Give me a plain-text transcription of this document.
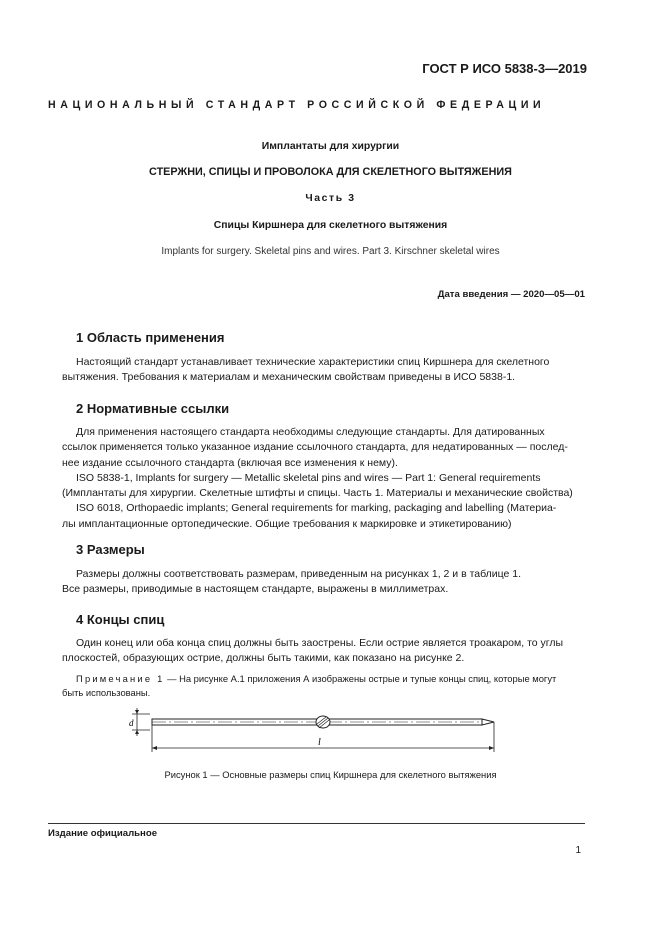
ГОСТ Р ИСО 5838-3—2019
НАЦИОНАЛЬНЫЙ СТАНДАРТ РОССИЙСКОЙ ФЕДЕРАЦИИ
Имплантаты для хирургии
СТЕРЖНИ, СПИЦЫ И ПРОВОЛОКА ДЛЯ СКЕЛЕТНОГО ВЫТЯЖЕНИЯ
Часть 3
Спицы Киршнера для скелетного вытяжения
Implants for surgery. Skeletal pins and wires. Part 3. Kirschner skeletal wires
Дата введения — 2020—05—01
1 Область применения
Настоящий стандарт устанавливает технические характеристики спиц Киршнера для скелетного
вытяжения. Требования к материалам и механическим свойствам приведены в ИСО 5838-1.
2 Нормативные ссылки
Для применения настоящего стандарта необходимы следующие стандарты. Для датированных
ссылок применяется только указанное издание ссылочного стандарта, для недатированных — послед-
нее издание ссылочного стандарта (включая все изменения к нему).
ISO 5838-1, Implants for surgery — Metallic skeletal pins and wires — Part 1: General requirements
(Имплантаты для хирургии. Скелетные штифты и спицы. Часть 1. Материалы и механические свойства)
ISO 6018, Orthopaedic implants; General requirements for marking, packaging and labelling (Материа-
лы имплантационные ортопедические. Общие требования к маркировке и этикетированию)
3 Размеры
Размеры должны соответствовать размерам, приведенным на рисунках 1, 2 и в таблице 1.
Все размеры, приводимые в настоящем стандарте, выражены в миллиметрах.
4 Концы спиц
Один конец или оба конца спиц должны быть заострены. Если острие является троакаром, то углы
плоскостей, образующих острие, должны быть такими, как показано на рисунке 2.
Примечание 1 — На рисунке А.1 приложения А изображены острые и тупые концы спиц, которые могут
быть использованы.
d
l
Рисунок 1 — Основные размеры спиц Киршнера для скелетного вытяжения
Издание официальное
1
